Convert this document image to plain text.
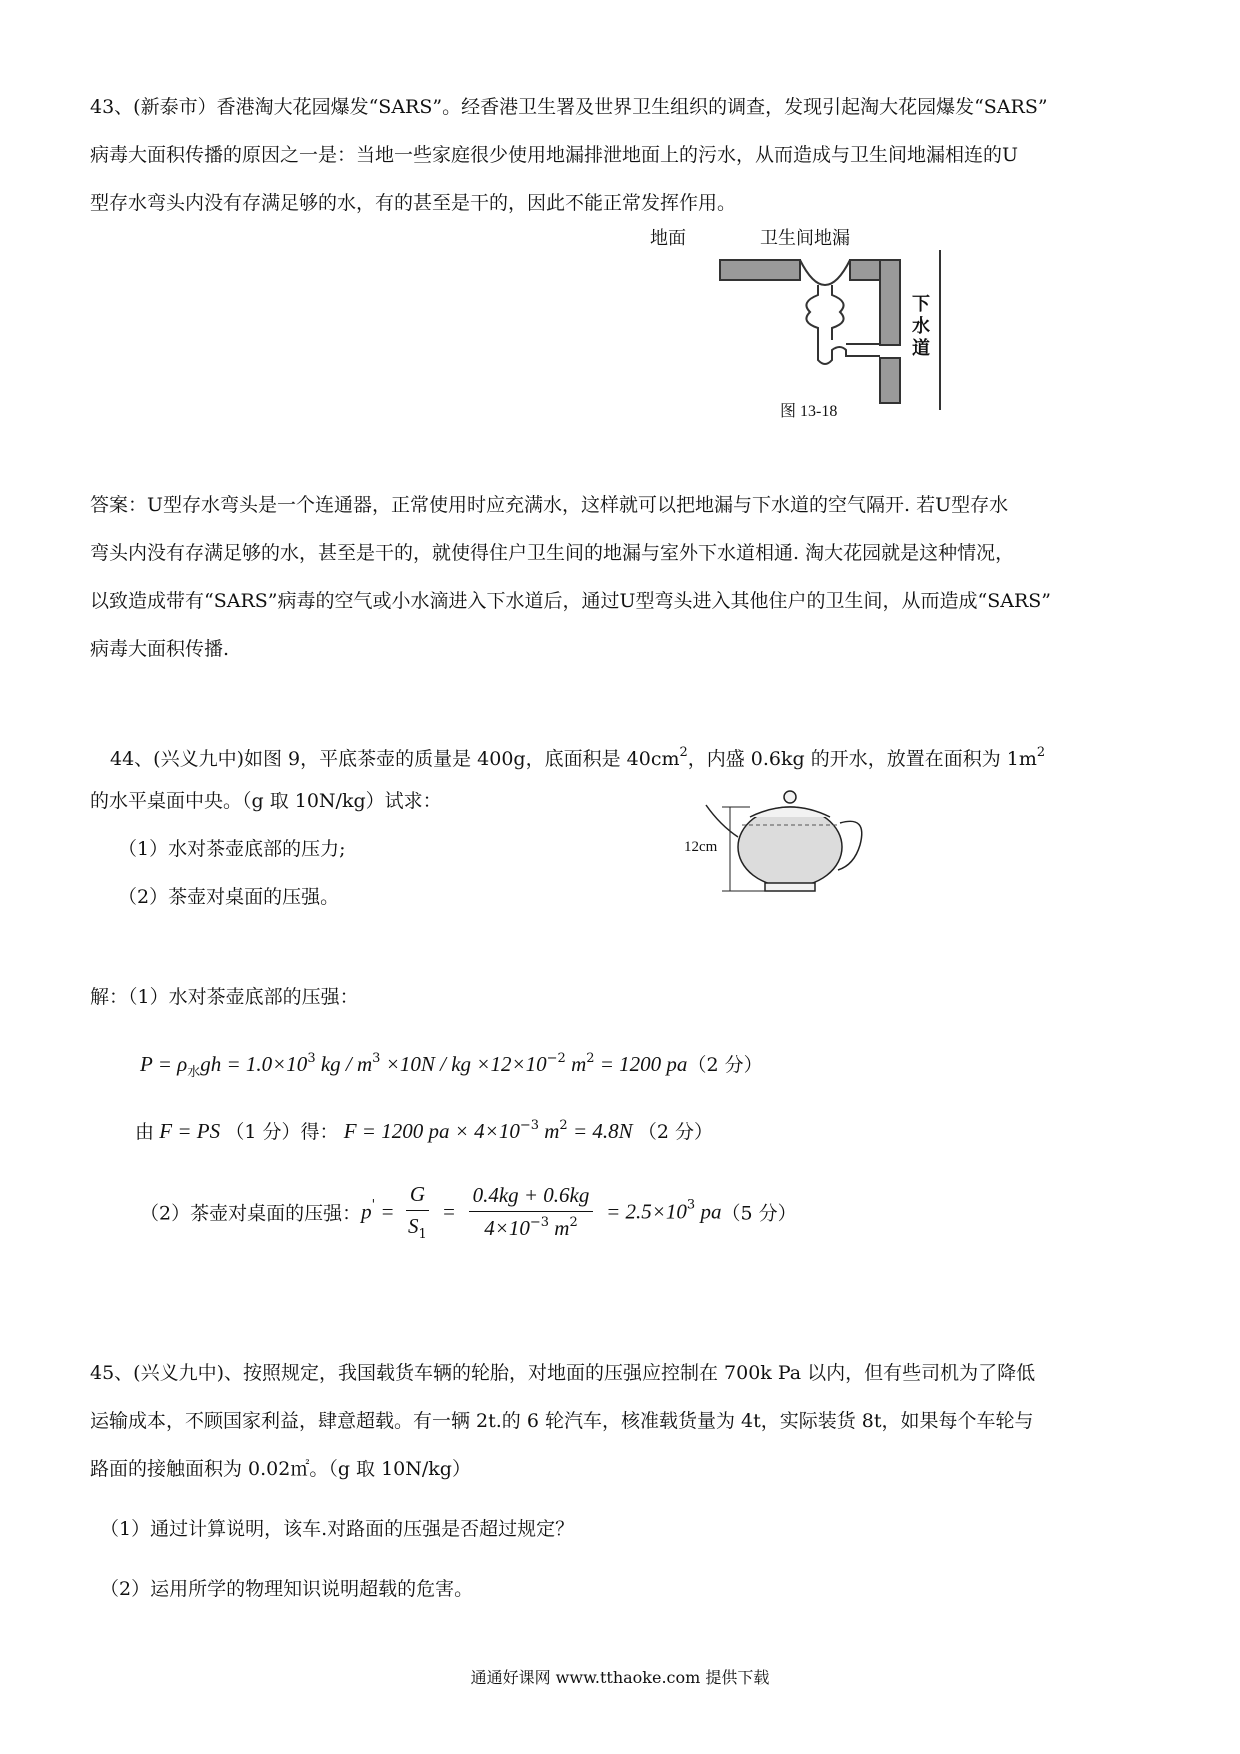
43、(新泰市）香港淘大花园爆发“SARS”。经香港卫生署及世界卫生组织的调查，发现引起淘大花园爆发“SARS”
病毒大面积传播的原因之一是：当地一些家庭很少使用地漏排泄地面上的污水，从而造成与卫生间地漏相连的U
型存水弯头内没有存满足够的水，有的甚至是干的，因此不能正常发挥作用。
地面	卫生间地漏
下
水
道
图 13-18
答案：U型存水弯头是一个连通器，正常使用时应充满水，这样就可以把地漏与下水道的空气隔开. 若U型存水
弯头内没有存满足够的水，甚至是干的，就使得住户卫生间的地漏与室外下水道相通. 淘大花园就是这种情况，
以致造成带有“SARS”病毒的空气或小水滴进入下水道后，通过U型弯头进入其他住户的卫生间，从而造成“SARS”
病毒大面积传播.
44、(兴义九中)如图 9，平底茶壶的质量是 400g，底面积是 $40cm^2$，内盛 0.6kg 的开水，放置在面积为 $1m^2$
的水平桌面中央。（g 取 10N/kg）试求：
（1）水对茶壶底部的压力;
（2）茶壶对桌面的压强。
12cm
解：（1）水对茶壶底部的压强：
$P = \rho_水gh = 1.0\times 10^3$ kg / $m^3 \times 10N$ / kg $\times 12\times 10^{-2}$ $m^2 = 1200$ pa（2 分）
由 F = PS （1 分）得： F = 1200 pa × $4\times 10^{-3}$ $m^2 = 4.8N$ （2 分）
（2）茶壶对桌面的压强：$p' = \frac{G}{S_1} = \frac{0.4kg + 0.6kg}{4\times 10^{-3} m^2} = 2.5\times 10^3$ pa（5 分）
45、(兴义九中)、按照规定，我国载货车辆的轮胎，对地面的压强应控制在 700k Pa 以内，但有些司机为了降低
运输成本，不顾国家利益，肆意超载。有一辆 2t.的 6 轮汽车，核准载货量为 4t，实际装货 8t，如果每个车轮与
路面的接触面积为 0.02㎡。（g 取 10N/kg）
（1）通过计算说明，该车.对路面的压强是否超过规定？
（2）运用所学的物理知识说明超载的危害。
通通好课网 www.tthaoke.com 提供下载
